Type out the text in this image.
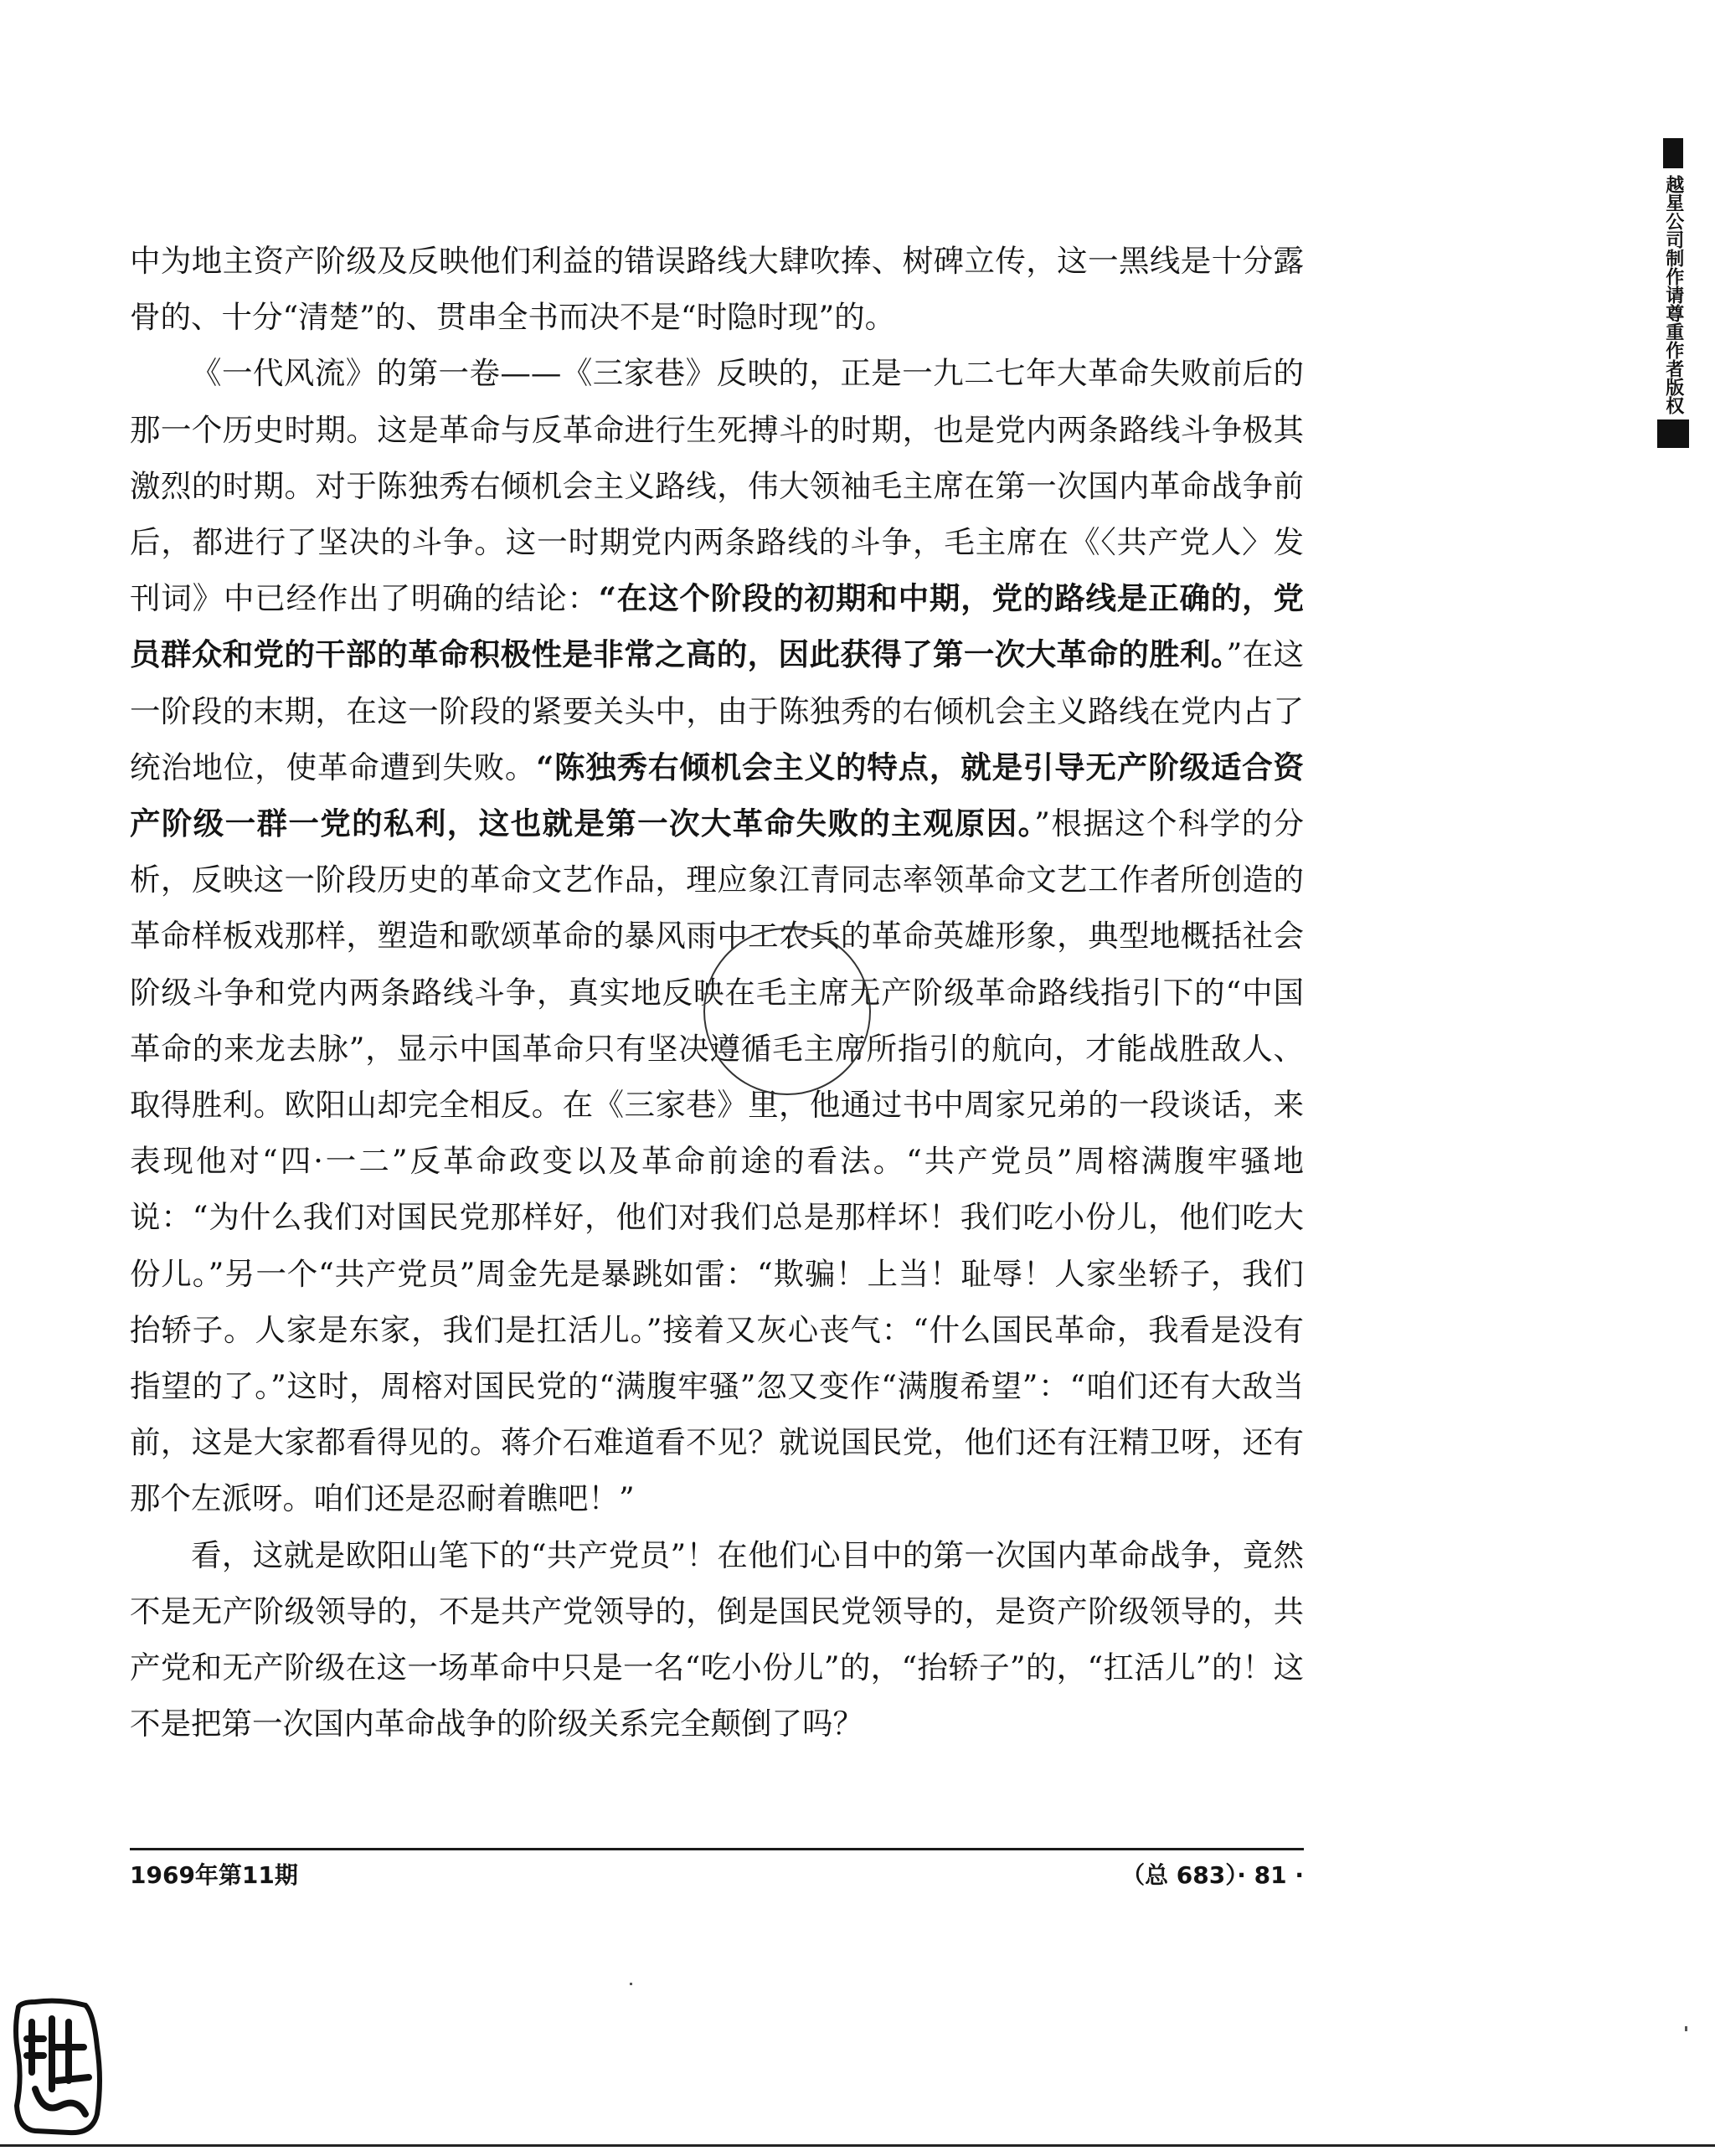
越星公司制作请尊重作者版权

中为地主资产阶级及反映他们利益的错误路线大肆吹捧、树碑立传，这一黑线是十分露骨的、十分“清楚”的、贯串全书而决不是“时隐时现”的。

《一代风流》的第一卷——《三家巷》反映的，正是一九二七年大革命失败前后的那一个历史时期。这是革命与反革命进行生死搏斗的时期，也是党内两条路线斗争极其激烈的时期。对于陈独秀右倾机会主义路线，伟大领袖毛主席在第一次国内革命战争前后，都进行了坚决的斗争。这一时期党内两条路线的斗争，毛主席在《〈共产党人〉发刊词》中已经作出了明确的结论：“在这个阶段的初期和中期，党的路线是正确的，党员群众和党的干部的革命积极性是非常之高的，因此获得了第一次大革命的胜利。”在这一阶段的末期，在这一阶段的紧要关头中，由于陈独秀的右倾机会主义路线在党内占了统治地位，使革命遭到失败。“陈独秀右倾机会主义的特点，就是引导无产阶级适合资产阶级一群一党的私利，这也就是第一次大革命失败的主观原因。”根据这个科学的分析，反映这一阶段历史的革命文艺作品，理应象江青同志率领革命文艺工作者所创造的革命样板戏那样，塑造和歌颂革命的暴风雨中工农兵的革命英雄形象，典型地概括社会阶级斗争和党内两条路线斗争，真实地反映在毛主席无产阶级革命路线指引下的“中国革命的来龙去脉”，显示中国革命只有坚决遵循毛主席所指引的航向，才能战胜敌人、取得胜利。欧阳山却完全相反。在《三家巷》里，他通过书中周家兄弟的一段谈话，来表现他对“四·一二”反革命政变以及革命前途的看法。“共产党员”周榕满腹牢骚地说：“为什么我们对国民党那样好，他们对我们总是那样坏！我们吃小份儿，他们吃大份儿。”另一个“共产党员”周金先是暴跳如雷：“欺骗！上当！耻辱！人家坐轿子，我们抬轿子。人家是东家，我们是扛活儿。”接着又灰心丧气：“什么国民革命，我看是没有指望的了。”这时，周榕对国民党的“满腹牢骚”忽又变作“满腹希望”：“咱们还有大敌当前，这是大家都看得见的。蒋介石难道看不见？就说国民党，他们还有汪精卫呀，还有那个左派呀。咱们还是忍耐着瞧吧！”

看，这就是欧阳山笔下的“共产党员”！在他们心目中的第一次国内革命战争，竟然不是无产阶级领导的，不是共产党领导的，倒是国民党领导的，是资产阶级领导的，共产党和无产阶级在这一场革命中只是一名“吃小份儿”的，“抬轿子”的，“扛活儿”的！这不是把第一次国内革命战争的阶级关系完全颠倒了吗？

1969年第11期	（总 683）· 81 ·
